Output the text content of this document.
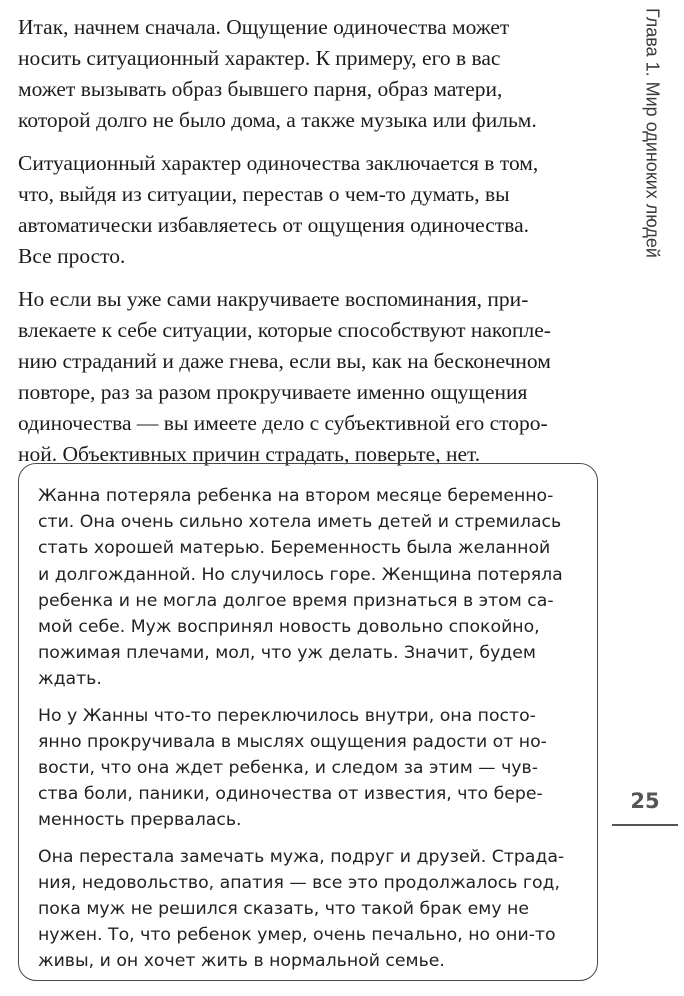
Итак, начнем сначала. Ощущение одиночества может
носить ситуационный характер. К примеру, его в вас
может вызывать образ бывшего парня, образ матери,
которой долго не было дома, а также музыка или фильм.
Ситуационный характер одиночества заключается в том,
что, выйдя из ситуации, перестав о чем-то думать, вы
автоматически избавляетесь от ощущения одиночества.
Все просто.
Но если вы уже сами накручиваете воспоминания, при-
влекаете к себе ситуации, которые способствуют накопле-
нию страданий и даже гнева, если вы, как на бесконечном
повторе, раз за разом прокручиваете именно ощущения
одиночества — вы имеете дело с субъективной его сторо-
ной. Объективных причин страдать, поверьте, нет.
Глава 1. Мир одиноких людей
25
Жанна потеряла ребенка на втором месяце беременно-
сти. Она очень сильно хотела иметь детей и стремилась
стать хорошей матерью. Беременность была желанной
и долгожданной. Но случилось горе. Женщина потеряла
ребенка и не могла долгое время признаться в этом са-
мой себе. Муж воспринял новость довольно спокойно,
пожимая плечами, мол, что уж делать. Значит, будем
ждать.
Но у Жанны что-то переключилось внутри, она посто-
янно прокручивала в мыслях ощущения радости от но-
вости, что она ждет ребенка, и следом за этим — чув-
ства боли, паники, одиночества от известия, что бере-
менность прервалась.
Она перестала замечать мужа, подруг и друзей. Страда-
ния, недовольство, апатия — все это продолжалось год,
пока муж не решился сказать, что такой брак ему не
нужен. То, что ребенок умер, очень печально, но они-то
живы, и он хочет жить в нормальной семье.
